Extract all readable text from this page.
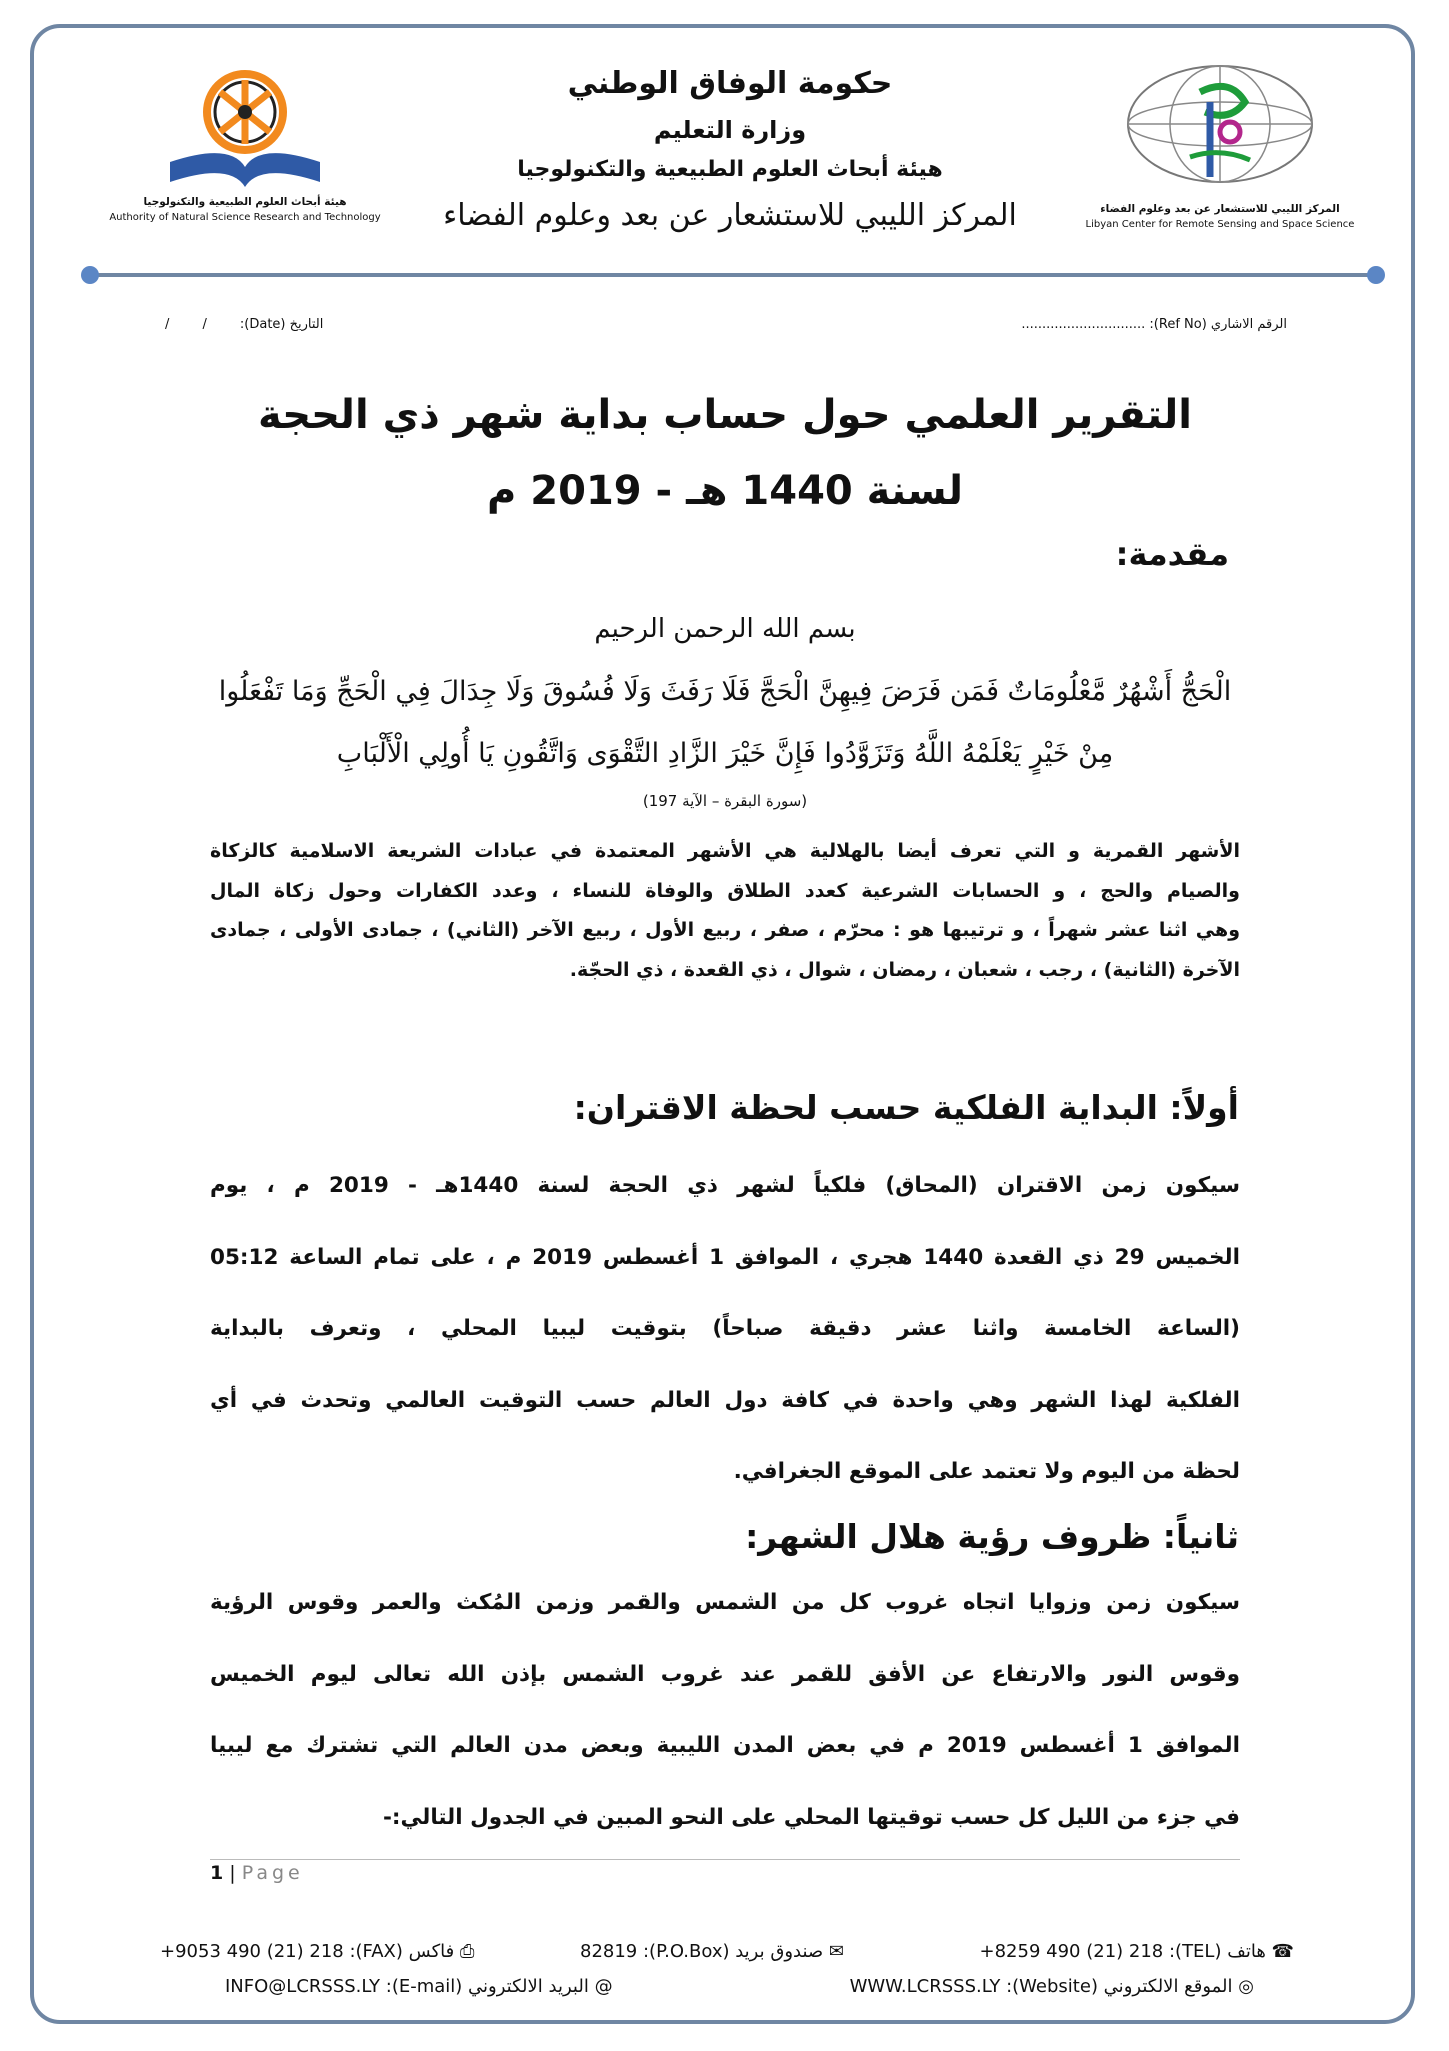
هيئة أبحاث العلوم الطبيعية والتكنولوجيا
Authority of Natural Science Research and Technology
المركز الليبي للاستشعار عن بعد وعلوم الفضاء
Libyan Center for Remote Sensing and Space Science
حكومة الوفاق الوطني
وزارة التعليم
هيئة أبحاث العلوم الطبيعية والتكنولوجيا
المركز الليبي للاستشعار عن بعد وعلوم الفضاء
الرقم الاشاري (Ref No): ..............................
التاريخ (Date):        /        /
التقرير العلمي حول حساب بداية شهر ذي الحجة
لسنة 1440 هـ - 2019 م
مقدمة:
بسم الله الرحمن الرحيم
الْحَجُّ أَشْهُرٌ مَّعْلُومَاتٌ فَمَن فَرَضَ فِيهِنَّ الْحَجَّ فَلَا رَفَثَ وَلَا فُسُوقَ وَلَا جِدَالَ فِي الْحَجِّ وَمَا تَفْعَلُوا
مِنْ خَيْرٍ يَعْلَمْهُ اللَّهُ وَتَزَوَّدُوا فَإِنَّ خَيْرَ الزَّادِ التَّقْوَى وَاتَّقُونِ يَا أُولِي الْأَلْبَابِ
(سورة البقرة – الآية 197)
الأشهر القمرية و التي تعرف أيضا بالهلالية هي الأشهر المعتمدة في عبادات الشريعة الاسلامية كالزكاة
والصيام والحج ، و الحسابات الشرعية كعدد الطلاق والوفاة للنساء ، وعدد الكفارات وحول زكاة المال
وهي اثنا عشر شهراً ، و ترتيبها هو : محرّم ، صفر ، ربيع الأول ، ربيع الآخر (الثاني) ، جمادى الأولى ، جمادى
الآخرة (الثانية) ، رجب ، شعبان ، رمضان ، شوال ، ذي القعدة ، ذي الحجّة.
أولاً: البداية الفلكية حسب لحظة الاقتران:
سيكون زمن الاقتران (المحاق) فلكياً لشهر ذي الحجة لسنة 1440هـ - 2019 م ، يوم
الخميس 29 ذي القعدة 1440 هجري ، الموافق 1 أغسطس 2019 م ، على تمام الساعة 05:12
(الساعة الخامسة واثنا عشر دقيقة صباحاً) بتوقيت ليبيا المحلي ، وتعرف بالبداية
الفلكية لهذا الشهر وهي واحدة في كافة دول العالم حسب التوقيت العالمي وتحدث في أي
لحظة من اليوم ولا تعتمد على الموقع الجغرافي.
ثانياً: ظروف رؤية هلال الشهر:
سيكون زمن وزوايا اتجاه غروب كل من الشمس والقمر وزمن المُكث والعمر وقوس الرؤية
وقوس النور والارتفاع عن الأفق للقمر عند غروب الشمس بإذن الله تعالى ليوم الخميس
الموافق 1 أغسطس 2019 م في بعض المدن الليبية وبعض مدن العالم التي تشترك مع ليبيا
في جزء من الليل كل حسب توقيتها المحلي على النحو المبين في الجدول التالي:-
1 | Page
☎ هاتف (TEL): 8259 490 (21) 218+
✉ صندوق بريد (P.O.Box): 82819
⎙ فاكس (FAX): 9053 490 (21) 218+
◎ الموقع الالكتروني (Website): WWW.LCRSSS.LY
@ البريد الالكتروني (E-mail): INFO@LCRSSS.LY
